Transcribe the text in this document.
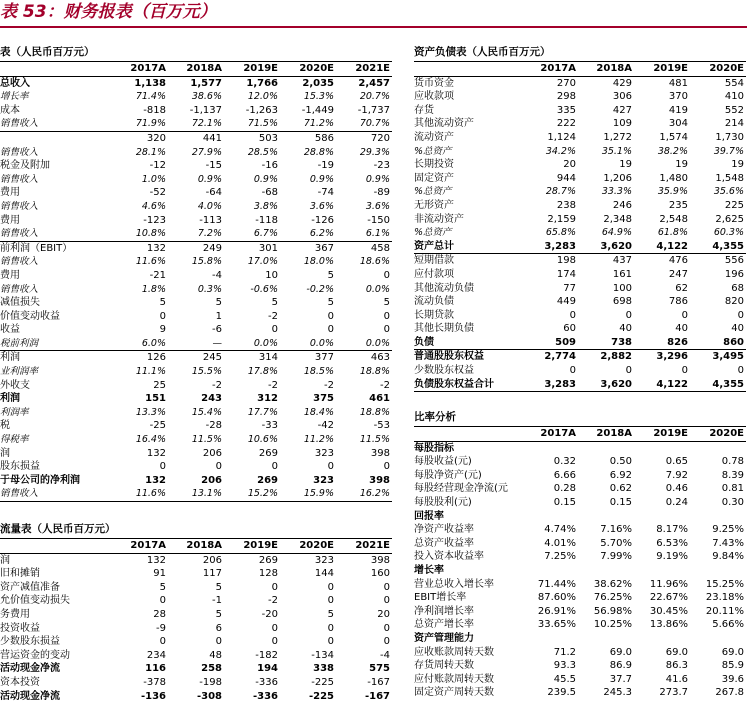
表 53：财务报表（百万元）
表（人民币百万元）
	2017A	2018A	2019E	2020E	2021E
总收入	1,138	1,577	1,766	2,035	2,457
增长率	71.4%	38.6%	12.0%	15.3%	20.7%
成本	-818	-1,137	-1,263	-1,449	-1,737
销售收入	71.9%	72.1%	71.5%	71.2%	70.7%
	320	441	503	586	720
销售收入	28.1%	27.9%	28.5%	28.8%	29.3%
税金及附加	-12	-15	-16	-19	-23
销售收入	1.0%	0.9%	0.9%	0.9%	0.9%
费用	-52	-64	-68	-74	-89
销售收入	4.6%	4.0%	3.8%	3.6%	3.6%
费用	-123	-113	-118	-126	-150
销售收入	10.8%	7.2%	6.7%	6.2%	6.1%
前利润（EBIT）	132	249	301	367	458
销售收入	11.6%	15.8%	17.0%	18.0%	18.6%
费用	-21	-4	10	5	0
销售收入	1.8%	0.3%	-0.6%	-0.2%	0.0%
减值损失	5	5	5	5	5
价值变动收益	0	1	-2	0	0
收益	9	-6	0	0	0
税前利润	6.0%	—	0.0%	0.0%	0.0%
利润	126	245	314	377	463
业利润率	11.1%	15.5%	17.8%	18.5%	18.8%
外收支	25	-2	-2	-2	-2
利润	151	243	312	375	461
利润率	13.3%	15.4%	17.7%	18.4%	18.8%
税	-25	-28	-33	-42	-53
得税率	16.4%	11.5%	10.6%	11.2%	11.5%
润	132	206	269	323	398
股东损益	0	0	0	0	0
于母公司的净利润	132	206	269	323	398
销售收入	11.6%	13.1%	15.2%	15.9%	16.2%
流量表（人民币百万元）
	2017A	2018A	2019E	2020E	2021E
润	132	206	269	323	398
旧和摊销	91	117	128	144	160
资产减值准备	5	5	0	0	0
允价值变动损失	0	-1	-2	0	0
务费用	28	5	-20	5	20
投资收益	-9	6	0	0	0
少数股东损益	0	0	0	0	0
营运资金的变动	234	48	-182	-134	-4
活动现金净流	116	258	194	338	575
资本投资	-378	-198	-336	-225	-167
活动现金净流	-136	-308	-336	-225	-167
资产负债表（人民币百万元）
	2017A	2018A	2019E	2020E
货币资金	270	429	481	554
应收款项	298	306	370	410
存货	335	427	419	552
其他流动资产	222	109	304	214
流动资产	1,124	1,272	1,574	1,730
%总资产	34.2%	35.1%	38.2%	39.7%
长期投资	20	19	19	19
固定资产	944	1,206	1,480	1,548
%总资产	28.7%	33.3%	35.9%	35.6%
无形资产	238	246	235	225
非流动资产	2,159	2,348	2,548	2,625
%总资产	65.8%	64.9%	61.8%	60.3%
资产总计	3,283	3,620	4,122	4,355
短期借款	198	437	476	556
应付款项	174	161	247	196
其他流动负债	77	100	62	68
流动负债	449	698	786	820
长期贷款	0	0	0	0
其他长期负债	60	40	40	40
负债	509	738	826	860
普通股股东权益	2,774	2,882	3,296	3,495
少数股东权益	0	0	0	0
负债股东权益合计	3,283	3,620	4,122	4,355
比率分析
	2017A	2018A	2019E	2020E
每股指标				
每股收益(元)	0.32	0.50	0.65	0.78
每股净资产(元)	6.66	6.92	7.92	8.39
每股经营现金净流(元	0.28	0.62	0.46	0.81
每股股利(元)	0.15	0.15	0.24	0.30
回报率				
净资产收益率	4.74%	7.16%	8.17%	9.25%
总资产收益率	4.01%	5.70%	6.53%	7.43%
投入资本收益率	7.25%	7.99%	9.19%	9.84%
增长率				
营业总收入增长率	71.44%	38.62%	11.96%	15.25%
EBIT增长率	87.60%	76.25%	22.67%	23.18%
净利润增长率	26.91%	56.98%	30.45%	20.11%
总资产增长率	33.65%	10.25%	13.86%	5.66%
资产管理能力				
应收账款周转天数	71.2	69.0	69.0	69.0
存货周转天数	93.3	86.9	86.3	85.9
应付账款周转天数	45.5	37.7	41.6	39.6
固定资产周转天数	239.5	245.3	273.7	267.8
